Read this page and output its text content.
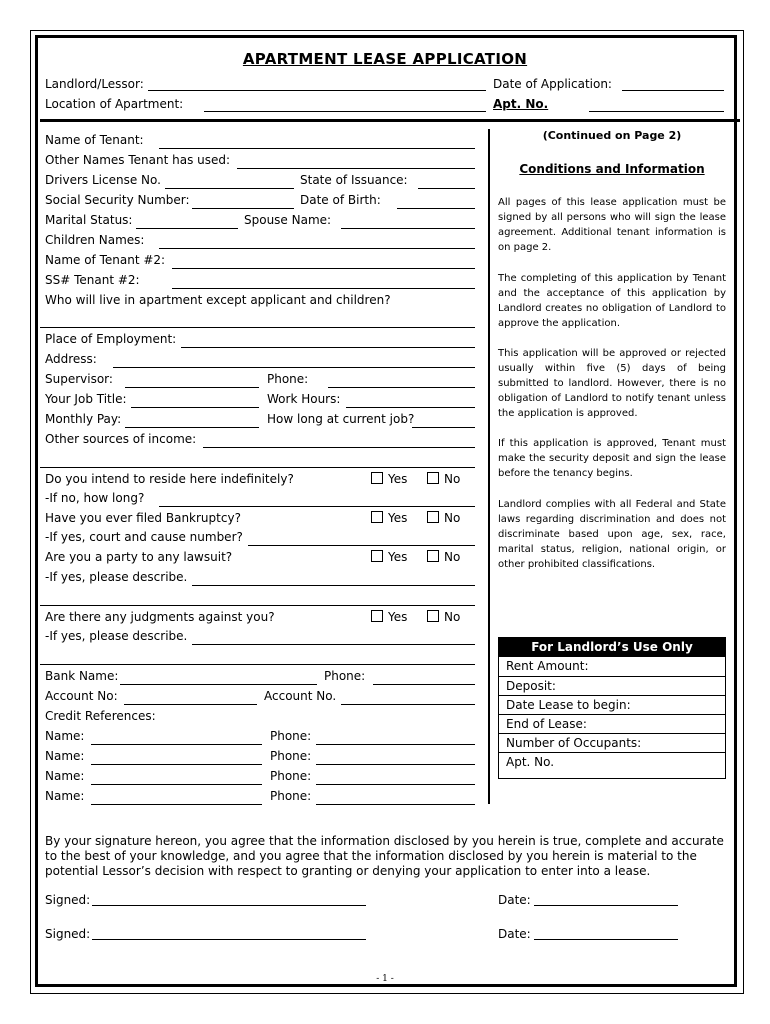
APARTMENT LEASE APPLICATION
Landlord/Lessor:	Date of Application:
Location of Apartment:	Apt. No.
Name of Tenant:
Other Names Tenant has used:
Drivers License No.	State of Issuance:
Social Security Number:	Date of Birth:
Marital Status:	Spouse Name:
Children Names:
Name of Tenant #2:
SS# Tenant #2:
Who will live in apartment except applicant and children?
Place of Employment:
Address:
Supervisor:	Phone:
Your Job Title:	Work Hours:
Monthly Pay:	How long at current job?
Other sources of income:
Do you intend to reside here indefinitely?	Yes	No
-If no, how long?
Have you ever filed Bankruptcy?	Yes	No
-If yes, court and cause number?
Are you a party to any lawsuit?	Yes	No
-If yes, please describe.
Are there any judgments against you?	Yes	No
-If yes, please describe.
Bank Name:	Phone:
Account No:	Account No.
Credit References:
Name:	Phone:
Name:	Phone:
Name:	Phone:
Name:	Phone:
(Continued on Page 2)
Conditions and Information
All pages of this lease application must be signed by all persons who will sign the lease agreement. Additional tenant information is on page 2.
The completing of this application by Tenant and the acceptance of this application by Landlord creates no obligation of Landlord to approve the application.
This application will be approved or rejected usually within five (5) days of being submitted to landlord. However, there is no obligation of Landlord to notify tenant unless the application is approved.
If this application is approved, Tenant must make the security deposit and sign the lease before the tenancy begins.
Landlord complies with all Federal and State laws regarding discrimination and does not discriminate based upon age, sex, race, marital status, religion, national origin, or other prohibited classifications.
For Landlord’s Use Only
Rent Amount:
Deposit:
Date Lease to begin:
End of Lease:
Number of Occupants:
Apt. No.
By your signature hereon, you agree that the information disclosed by you herein is true, complete and accurate to the best of your knowledge, and you agree that the information disclosed by you herein is material to the potential Lessor’s decision with respect to granting or denying your application to enter into a lease.
Signed:	Date:
Signed:	Date:
- 1 -
